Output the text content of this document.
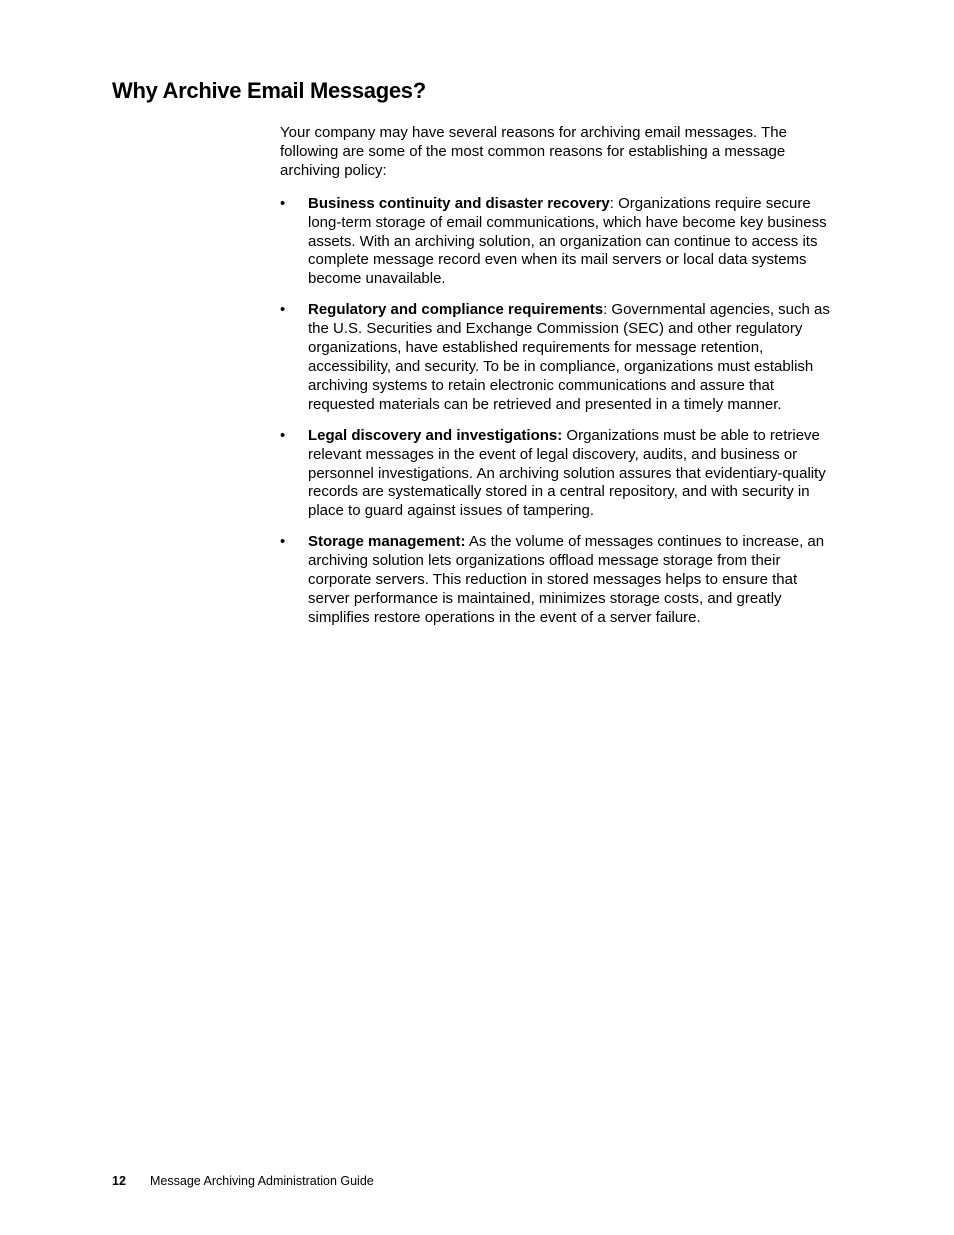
Why Archive Email Messages?

Your company may have several reasons for archiving email messages. The following are some of the most common reasons for establishing a message archiving policy:

•	Business continuity and disaster recovery: Organizations require secure long-term storage of email communications, which have become key business assets. With an archiving solution, an organization can continue to access its complete message record even when its mail servers or local data systems become unavailable.
•	Regulatory and compliance requirements: Governmental agencies, such as the U.S. Securities and Exchange Commission (SEC) and other regulatory organizations, have established requirements for message retention, accessibility, and security. To be in compliance, organizations must establish archiving systems to retain electronic communications and assure that requested materials can be retrieved and presented in a timely manner.
•	Legal discovery and investigations: Organizations must be able to retrieve relevant messages in the event of legal discovery, audits, and business or personnel investigations. An archiving solution assures that evidentiary-quality records are systematically stored in a central repository, and with security in place to guard against issues of tampering.
•	Storage management: As the volume of messages continues to increase, an archiving solution lets organizations offload message storage from their corporate servers. This reduction in stored messages helps to ensure that server performance is maintained, minimizes storage costs, and greatly simplifies restore operations in the event of a server failure.
12 Message Archiving Administration Guide
